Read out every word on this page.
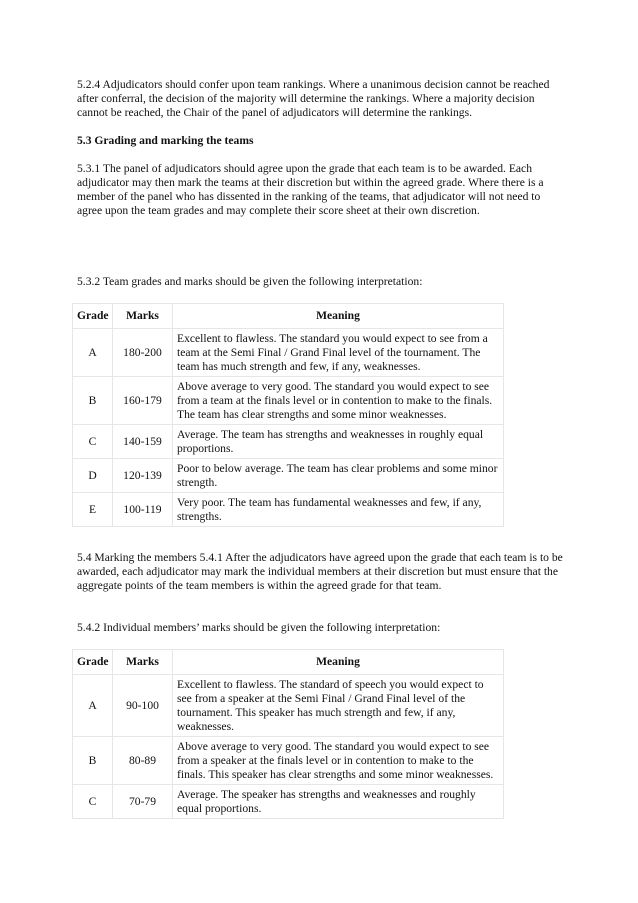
5.2.4 Adjudicators should confer upon team rankings. Where a unanimous decision cannot be reached after conferral, the decision of the majority will determine the rankings. Where a majority decision cannot be reached, the Chair of the panel of adjudicators will determine the rankings.

5.3 Grading and marking the teams

5.3.1 The panel of adjudicators should agree upon the grade that each team is to be awarded. Each adjudicator may then mark the teams at their discretion but within the agreed grade. Where there is a member of the panel who has dissented in the ranking of the teams, that adjudicator will not need to agree upon the team grades and may complete their score sheet at their own discretion.

5.3.2 Team grades and marks should be given the following interpretation:

Grade	Marks	Meaning
A	180-200	Excellent to flawless. The standard you would expect to see from a team at the Semi Final / Grand Final level of the tournament. The team has much strength and few, if any, weaknesses.
B	160-179	Above average to very good. The standard you would expect to see from a team at the finals level or in contention to make to the finals. The team has clear strengths and some minor weaknesses.
C	140-159	Average. The team has strengths and weaknesses in roughly equal proportions.
D	120-139	Poor to below average. The team has clear problems and some minor strength.
E	100-119	Very poor. The team has fundamental weaknesses and few, if any, strengths.

5.4 Marking the members 5.4.1 After the adjudicators have agreed upon the grade that each team is to be awarded, each adjudicator may mark the individual members at their discretion but must ensure that the aggregate points of the team members is within the agreed grade for that team.

5.4.2 Individual members’ marks should be given the following interpretation:

Grade	Marks	Meaning
A	90-100	Excellent to flawless. The standard of speech you would expect to see from a speaker at the Semi Final / Grand Final level of the tournament. This speaker has much strength and few, if any, weaknesses.
B	80-89	Above average to very good. The standard you would expect to see from a speaker at the finals level or in contention to make to the finals. This speaker has clear strengths and some minor weaknesses.
C	70-79	Average. The speaker has strengths and weaknesses and roughly equal proportions.
